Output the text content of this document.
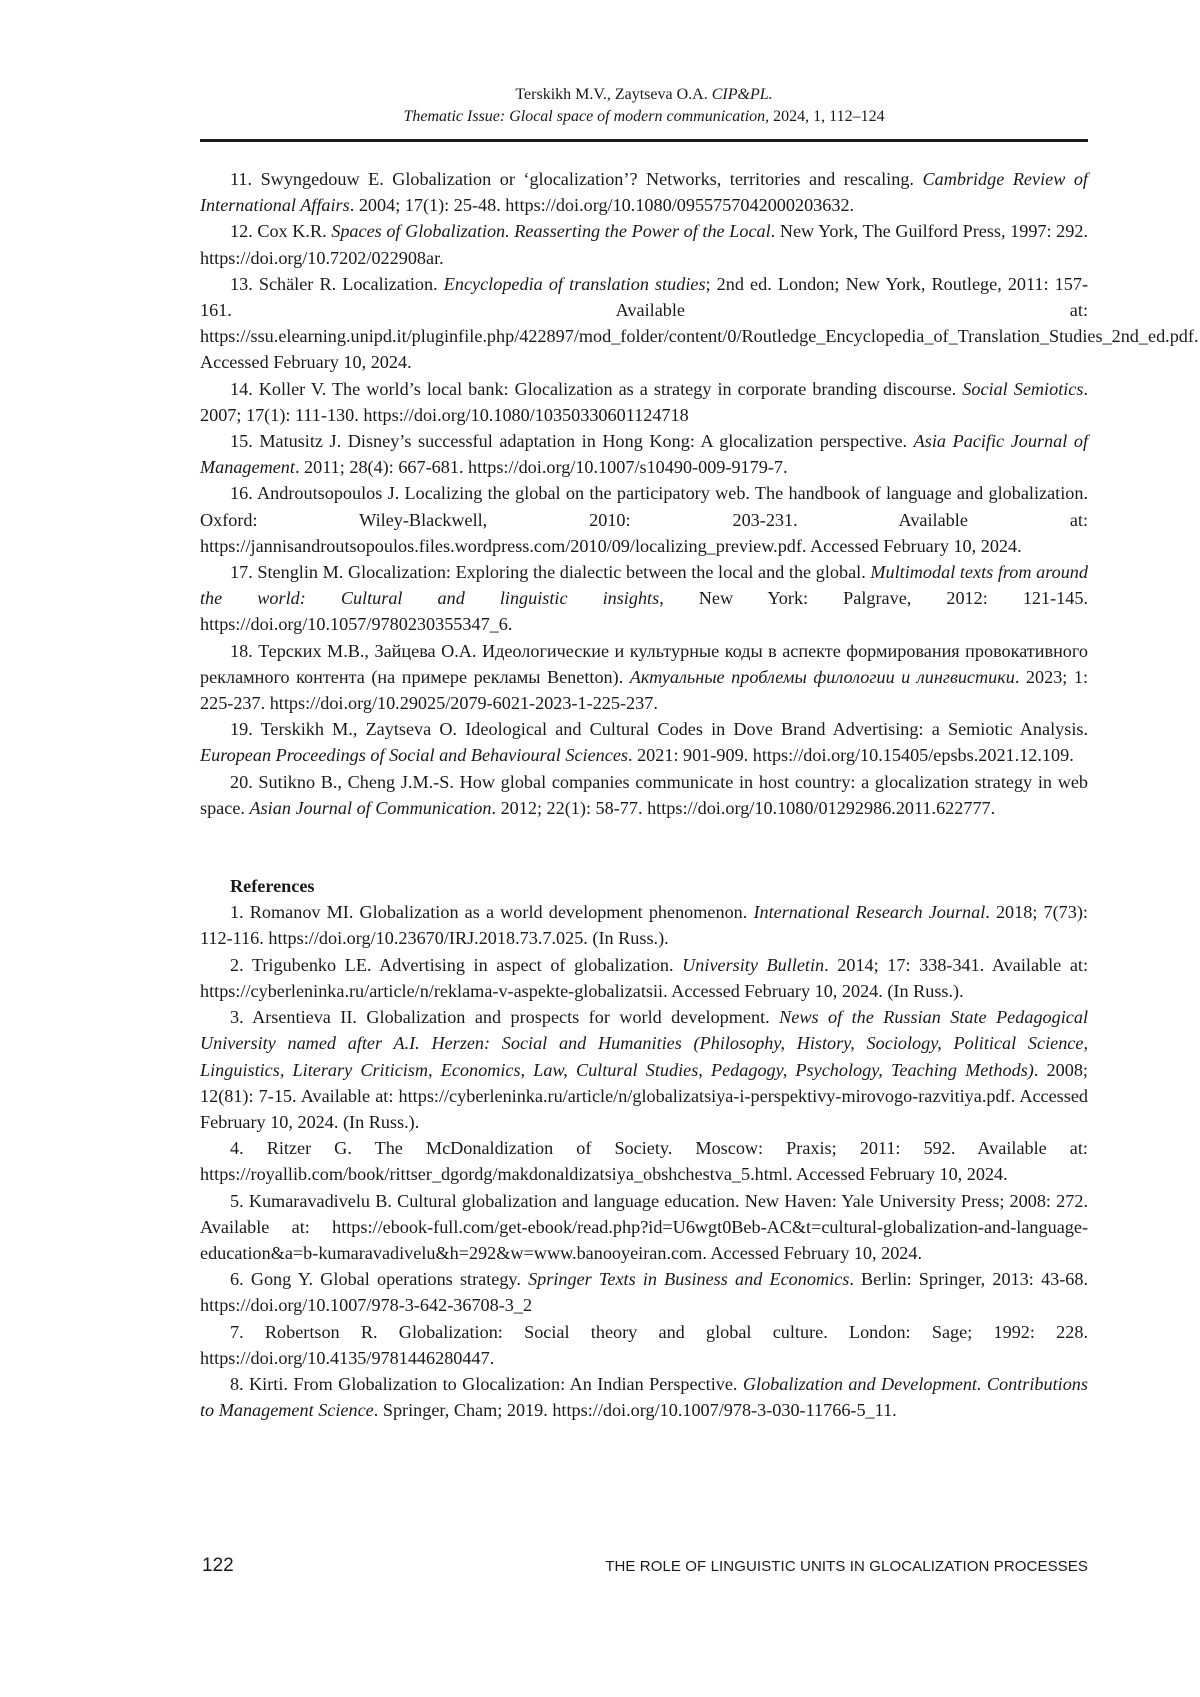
Terskikh M.V., Zaytseva O.A. CIP&PL.
Thematic Issue: Glocal space of modern communication, 2024, 1, 112–124

11. Swyngedouw E. Globalization or ‘glocalization’? Networks, territories and rescaling. Cambridge Review of International Affairs. 2004; 17(1): 25-48. https://doi.org/10.1080/0955757042000203632.

12. Cox K.R. Spaces of Globalization. Reasserting the Power of the Local. New York, The Guilford Press, 1997: 292. https://doi.org/10.7202/022908ar.

13. Schäler R. Localization. Encyclopedia of translation studies; 2nd ed. London; New York, Routlege, 2011: 157-161. Available at: https://ssu.elearning.unipd.it/pluginfile.php/422897/mod_folder/content/0/Routledge_Encyclopedia_of_Translation_Studies_2nd_ed.pdf. Accessed February 10, 2024.

14. Koller V. The world’s local bank: Glocalization as a strategy in corporate branding discourse. Social Semiotics. 2007; 17(1): 111-130. https://doi.org/10.1080/10350330601124718

15. Matusitz J. Disney’s successful adaptation in Hong Kong: A glocalization perspective. Asia Pacific Journal of Management. 2011; 28(4): 667-681. https://doi.org/10.1007/s10490-009-9179-7.

16. Androutsopoulos J. Localizing the global on the participatory web. The handbook of language and globalization. Oxford: Wiley-Blackwell, 2010: 203-231. Available at: https://jannisandroutsopoulos.files.wordpress.com/2010/09/localizing_preview.pdf. Accessed February 10, 2024.

17. Stenglin M. Glocalization: Exploring the dialectic between the local and the global. Multimodal texts from around the world: Cultural and linguistic insights, New York: Palgrave, 2012: 121-145. https://doi.org/10.1057/9780230355347_6.

18. Терских М.В., Зайцева О.А. Идеологические и культурные коды в аспекте формирования провокативного рекламного контента (на примере рекламы Benetton). Актуальные проблемы филологии и лингвистики. 2023; 1: 225-237. https://doi.org/10.29025/2079-6021-2023-1-225-237.

19. Terskikh M., Zaytseva O. Ideological and Cultural Codes in Dove Brand Advertising: a Semiotic Analysis. European Proceedings of Social and Behavioural Sciences. 2021: 901-909. https://doi.org/10.15405/epsbs.2021.12.109.

20. Sutikno B., Cheng J.M.-S. How global companies communicate in host country: a glocalization strategy in web space. Asian Journal of Communication. 2012; 22(1): 58-77. https://doi.org/10.1080/01292986.2011.622777.

References

1. Romanov MI. Globalization as a world development phenomenon. International Research Journal. 2018; 7(73): 112-116. https://doi.org/10.23670/IRJ.2018.73.7.025. (In Russ.).

2. Trigubenko LE. Advertising in aspect of globalization. University Bulletin. 2014; 17: 338-341. Available at: https://cyberleninka.ru/article/n/reklama-v-aspekte-globalizatsii. Accessed February 10, 2024. (In Russ.).

3. Arsentieva II. Globalization and prospects for world development. News of the Russian State Pedagogical University named after A.I. Herzen: Social and Humanities (Philosophy, History, Sociology, Political Science, Linguistics, Literary Criticism, Economics, Law, Cultural Studies, Pedagogy, Psychology, Teaching Methods). 2008; 12(81): 7-15. Available at: https://cyberleninka.ru/article/n/globalizatsiya-i-perspektivy-mirovogo-razvitiya.pdf. Accessed February 10, 2024. (In Russ.).

4. Ritzer G. The McDonaldization of Society. Moscow: Praxis; 2011: 592. Available at: https://royallib.com/book/rittser_dgordg/makdonaldizatsiya_obshchestva_5.html. Accessed February 10, 2024.

5. Kumaravadivelu B. Cultural globalization and language education. New Haven: Yale University Press; 2008: 272. Available at: https://ebook-full.com/get-ebook/read.php?id=U6wgt0Beb-AC&t=cultural-globalization-and-language-education&a=b-kumaravadivelu&h=292&w=www.banooyeiran.com. Accessed February 10, 2024.

6. Gong Y. Global operations strategy. Springer Texts in Business and Economics. Berlin: Springer, 2013: 43-68. https://doi.org/10.1007/978-3-642-36708-3_2

7. Robertson R. Globalization: Social theory and global culture. London: Sage; 1992: 228. https://doi.org/10.4135/9781446280447.

8. Kirti. From Globalization to Glocalization: An Indian Perspective. Globalization and Development. Contributions to Management Science. Springer, Cham; 2019. https://doi.org/10.1007/978-3-030-11766-5_11.

122	THE ROLE OF LINGUISTIC UNITS IN GLOCALIZATION PROCESSES
